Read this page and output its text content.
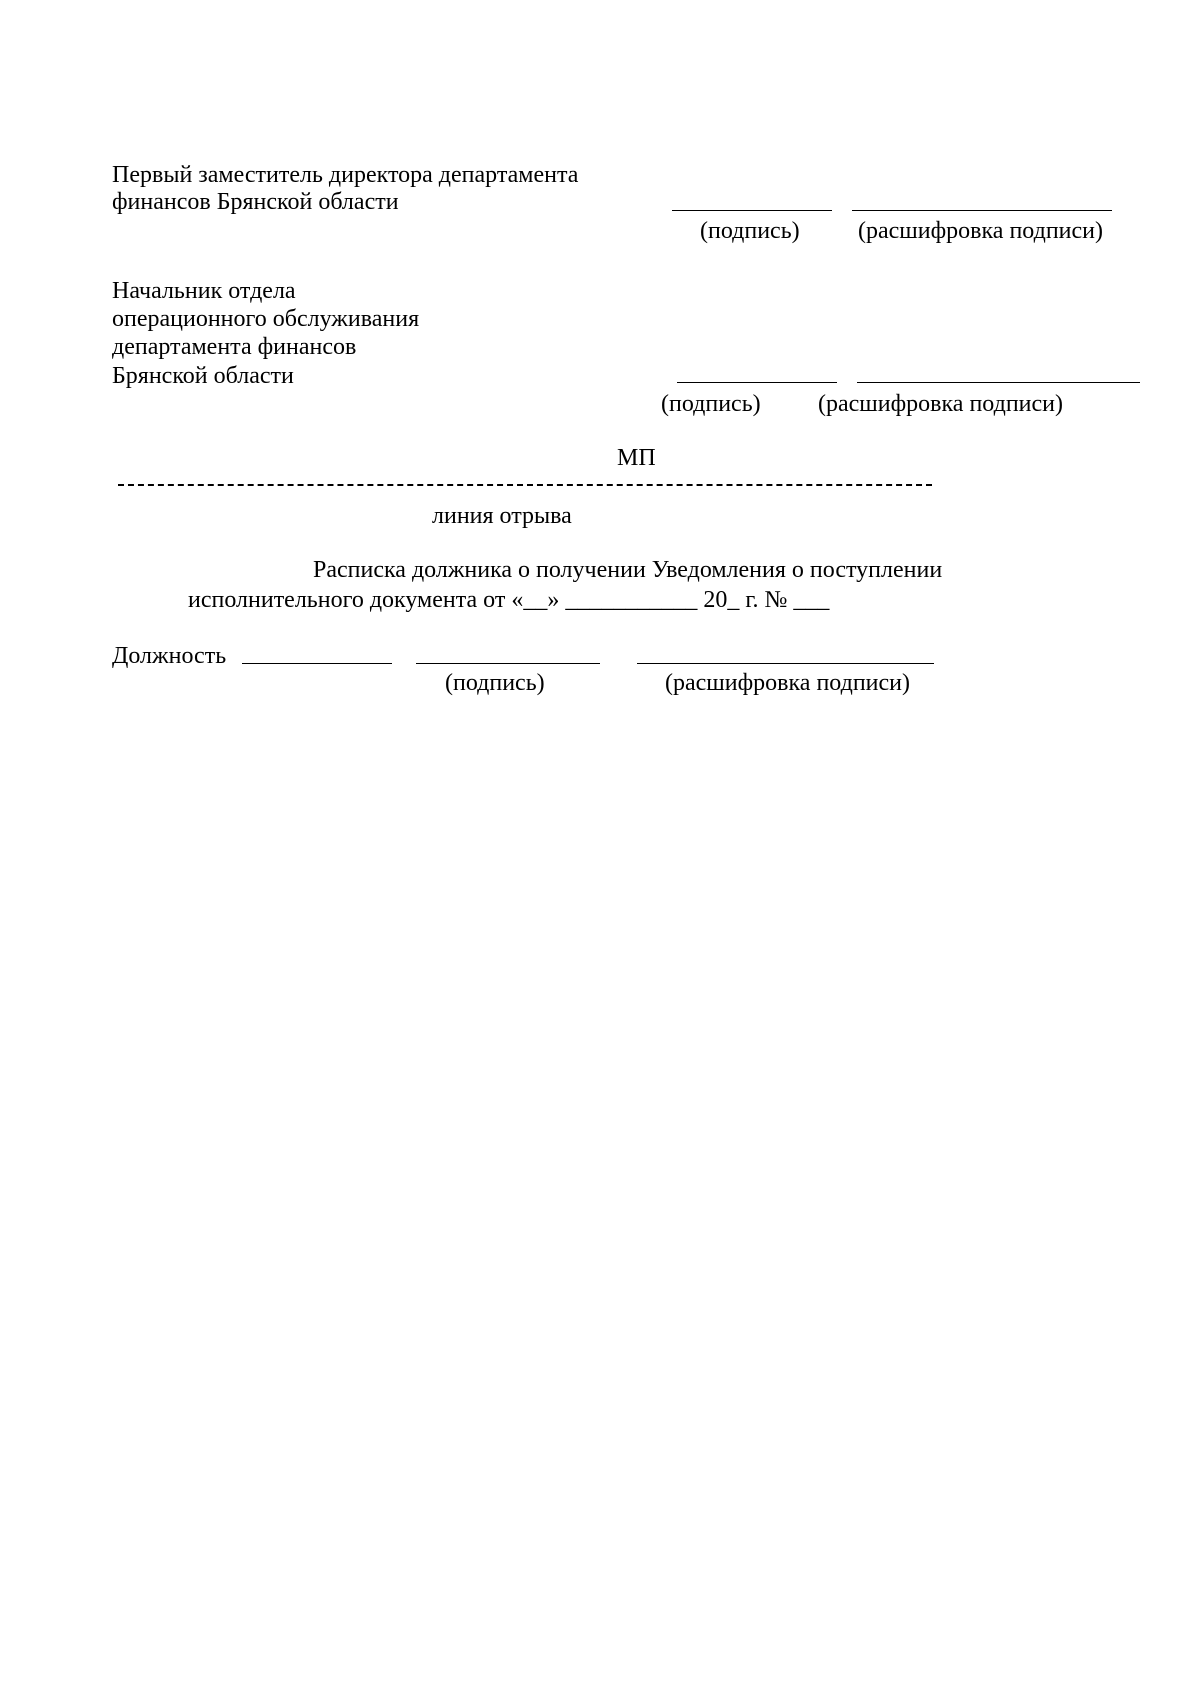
Первый заместитель директора департамента
финансов Брянской области
(подпись) (расшифровка подписи)
Начальник отдела
операционного обслуживания
департамента финансов
Брянской области
(подпись) (расшифровка подписи)
МП
линия отрыва
Расписка должника о получении Уведомления о поступлении
исполнительного документа от «__» ___________ 20_ г. № ___
Должность
(подпись)	(расшифровка подписи)
